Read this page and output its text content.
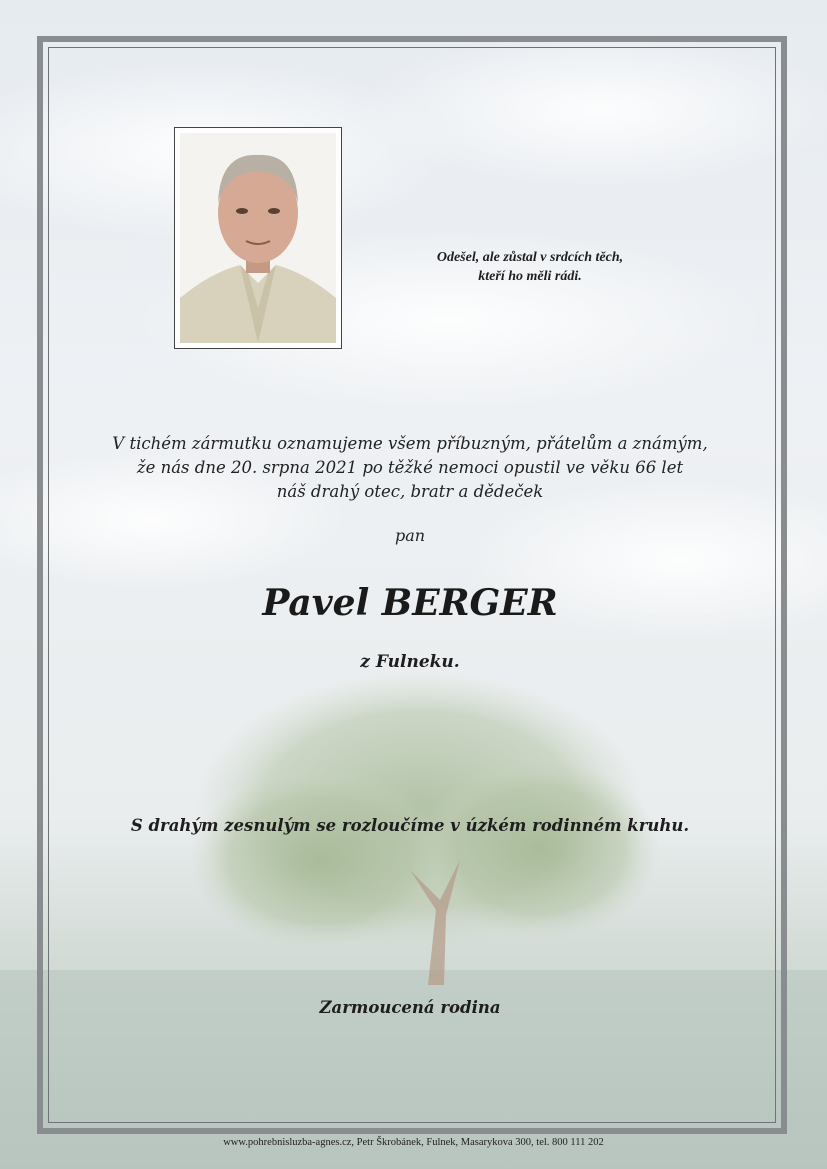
Odešel, ale zůstal v srdcích těch,
kteří ho měli rádi.
V tichém zármutku oznamujeme všem příbuzným, přátelům a známým,
že nás dne 20. srpna 2021 po těžké nemoci opustil ve věku 66 let
náš drahý otec, bratr a dědeček
pan
Pavel BERGER
z Fulneku.
S drahým zesnulým se rozloučíme v úzkém rodinném kruhu.
Zarmoucená rodina
www.pohrebnisluzba-agnes.cz, Petr Škrobánek, Fulnek, Masarykova 300, tel. 800 111 202
